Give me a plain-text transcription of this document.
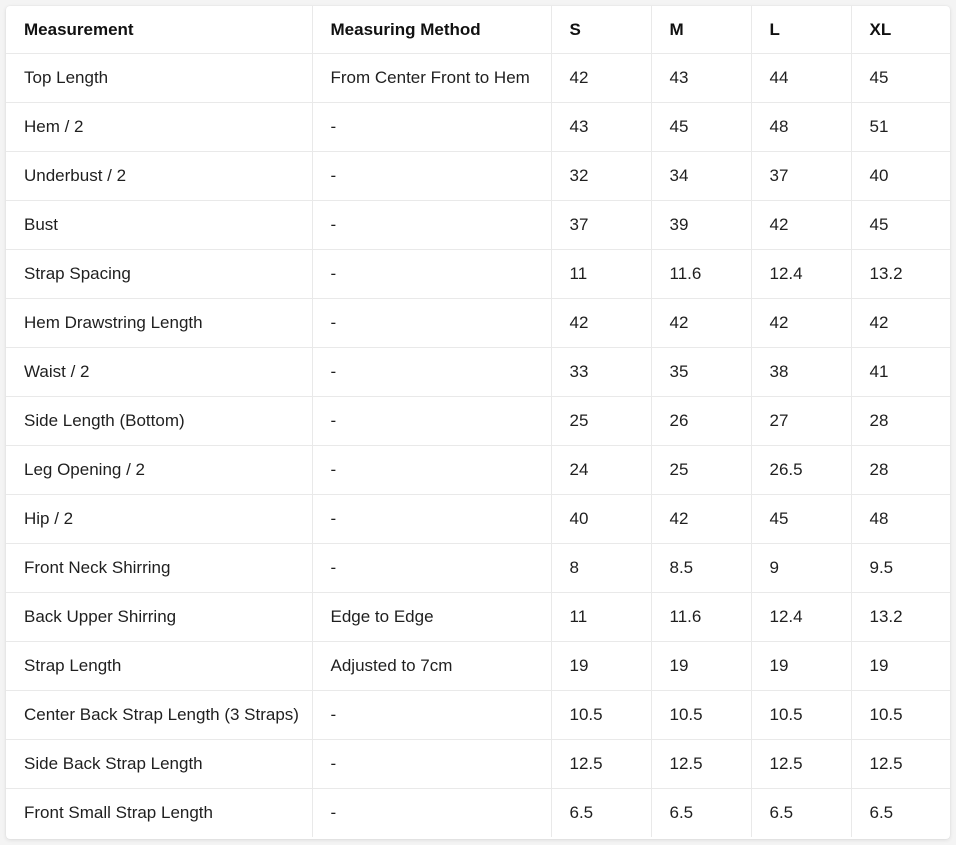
Measurement	Measuring Method	S	M	L	XL
Top Length	From Center Front to Hem	42	43	44	45
Hem / 2	-	43	45	48	51
Underbust / 2	-	32	34	37	40
Bust	-	37	39	42	45
Strap Spacing	-	11	11.6	12.4	13.2
Hem Drawstring Length	-	42	42	42	42
Waist / 2	-	33	35	38	41
Side Length (Bottom)	-	25	26	27	28
Leg Opening / 2	-	24	25	26.5	28
Hip / 2	-	40	42	45	48
Front Neck Shirring	-	8	8.5	9	9.5
Back Upper Shirring	Edge to Edge	11	11.6	12.4	13.2
Strap Length	Adjusted to 7cm	19	19	19	19
Center Back Strap Length (3 Straps)	-	10.5	10.5	10.5	10.5
Side Back Strap Length	-	12.5	12.5	12.5	12.5
Front Small Strap Length	-	6.5	6.5	6.5	6.5
